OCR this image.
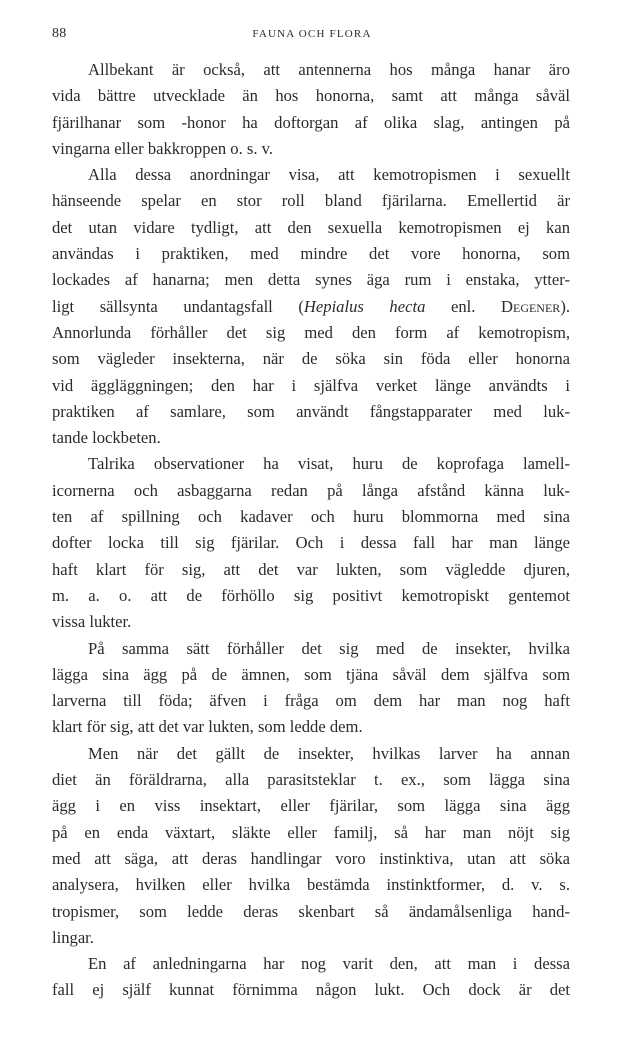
88	FAUNA OCH FLORA
Allbekant är också, att antennerna hos många hanar äro
vida bättre utvecklade än hos honorna, samt att många såväl
fjärilhanar som -honor ha doftorgan af olika slag, antingen på
vingarna eller bakkroppen o. s. v.
Alla dessa anordningar visa, att kemotropismen i sexuellt
hänseende spelar en stor roll bland fjärilarna. Emellertid är
det utan vidare tydligt, att den sexuella kemotropismen ej kan
användas i praktiken, med mindre det vore honorna, som
lockades af hanarna; men detta synes äga rum i enstaka, ytter-
ligt sällsynta undantagsfall (Hepialus hecta enl. Degener).
Annorlunda förhåller det sig med den form af kemotropism,
som vägleder insekterna, när de söka sin föda eller honorna
vid äggläggningen; den har i själfva verket länge användts i
praktiken af samlare, som användt fångstapparater med luk-
tande lockbeten.
Talrika observationer ha visat, huru de koprofaga lamell-
icornerna och asbaggarna redan på långa afstånd känna luk-
ten af spillning och kadaver och huru blommorna med sina
dofter locka till sig fjärilar. Och i dessa fall har man länge
haft klart för sig, att det var lukten, som vägledde djuren,
m. a. o. att de förhöllo sig positivt kemotropiskt gentemot
vissa lukter.
På samma sätt förhåller det sig med de insekter, hvilka
lägga sina ägg på de ämnen, som tjäna såväl dem själfva som
larverna till föda; äfven i fråga om dem har man nog haft
klart för sig, att det var lukten, som ledde dem.
Men när det gällt de insekter, hvilkas larver ha annan
diet än föräldrarna, alla parasitsteklar t. ex., som lägga sina
ägg i en viss insektart, eller fjärilar, som lägga sina ägg
på en enda växtart, släkte eller familj, så har man nöjt sig
med att säga, att deras handlingar voro instinktiva, utan att söka
analysera, hvilken eller hvilka bestämda instinktformer, d. v. s.
tropismer, som ledde deras skenbart så ändamålsenliga hand-
lingar.
En af anledningarna har nog varit den, att man i dessa
fall ej själf kunnat förnimma någon lukt. Och dock är det
